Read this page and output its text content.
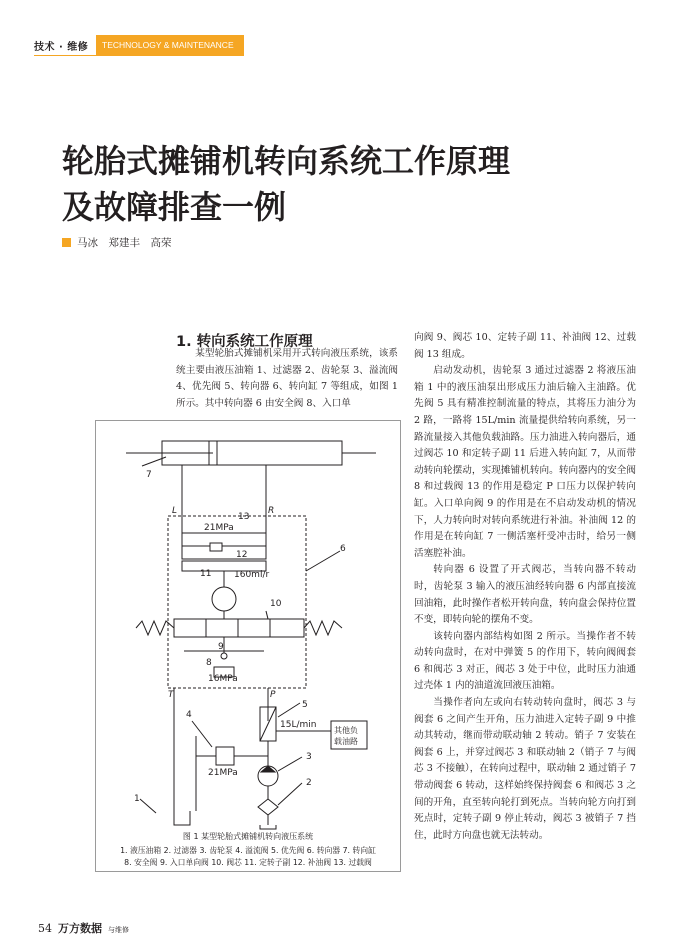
技术 · 维修 TECHNOLOGY & MAINTENANCE
轮胎式摊铺机转向系统工作原理
及故障排查一例
马冰　郑建丰　高荣
1. 转向系统工作原理

某型轮胎式摊铺机采用开式转向液压系统，该系统主要由液压油箱 1、过滤器 2、齿轮泵 3、溢流阀 4、优先阀 5、转向器 6、转向缸 7 等组成，如图 1 所示。其中转向器 6 由安全阀 8、入口单

向阀 9、阀芯 10、定转子副 11、补油阀 12、过载阀 13 组成。

启动发动机，齿轮泵 3 通过过滤器 2 将液压油箱 1 中的液压油泵出形成压力油后输入主油路。优先阀 5 具有精准控制流量的特点，其将压力油分为 2 路，一路将 15L/min 流量提供给转向系统，另一路流量接入其他负载油路。压力油进入转向器后，通过阀芯 10 和定转子副 11 后进入转向缸 7，从而带动转向轮摆动，实现摊铺机转向。转向器内的安全阀 8 和过载阀 13 的作用是稳定 P 口压力以保护转向缸。入口单向阀 9 的作用是在不启动发动机的情况下，人力转向时对转向系统进行补油。补油阀 12 的作用是在转向缸 7 一侧活塞杆受冲击时，给另一侧活塞腔补油。

转向器 6 设置了开式阀芯，当转向器不转动时，齿轮泵 3 输入的液压油经转向器 6 内部直接流回油箱，此时操作者松开转向盘，转向盘会保持位置不变，即转向轮的摆角不变。

该转向器内部结构如图 2 所示。当操作者不转动转向盘时，在对中弹簧 5 的作用下，转向阀阀套 6 和阀芯 3 对正，阀芯 3 处于中位，此时压力油通过壳体 1 内的油道流回液压油箱。

当操作者向左或向右转动转向盘时，阀芯 3 与阀套 6 之间产生开角，压力油进入定转子副 9 中推动其转动，继而带动联动轴 2 转动。销子 7 安装在阀套 6 上，并穿过阀芯 3 和联动轴 2（销子 7 与阀芯 3 不接触），在转向过程中，联动轴 2 通过销子 7 带动阀套 6 转动，这样始终保持阀套 6 和阀芯 3 之间的开角，直至转向轮打到死点。当转向轮方向打到死点时，定转子副 9 停止转动，阀芯 3 被销子 7 挡住，此时方向盘也就无法转动。

7
L	R
13
21MPa
12
6
11	160ml/r
10
9
8
16MPa
T	P
5
4
15L/min
其他负
载油路
21MPa
3
2
1
图 1 某型轮胎式摊铺机转向液压系统
1. 液压油箱 2. 过滤器 3. 齿轮泵 4. 溢流阀 5. 优先阀 6. 转向器 7. 转向缸
8. 安全阀 9. 入口单向阀 10. 阀芯 11. 定转子副 12. 补油阀 13. 过载阀
54 万方数据 与维修
